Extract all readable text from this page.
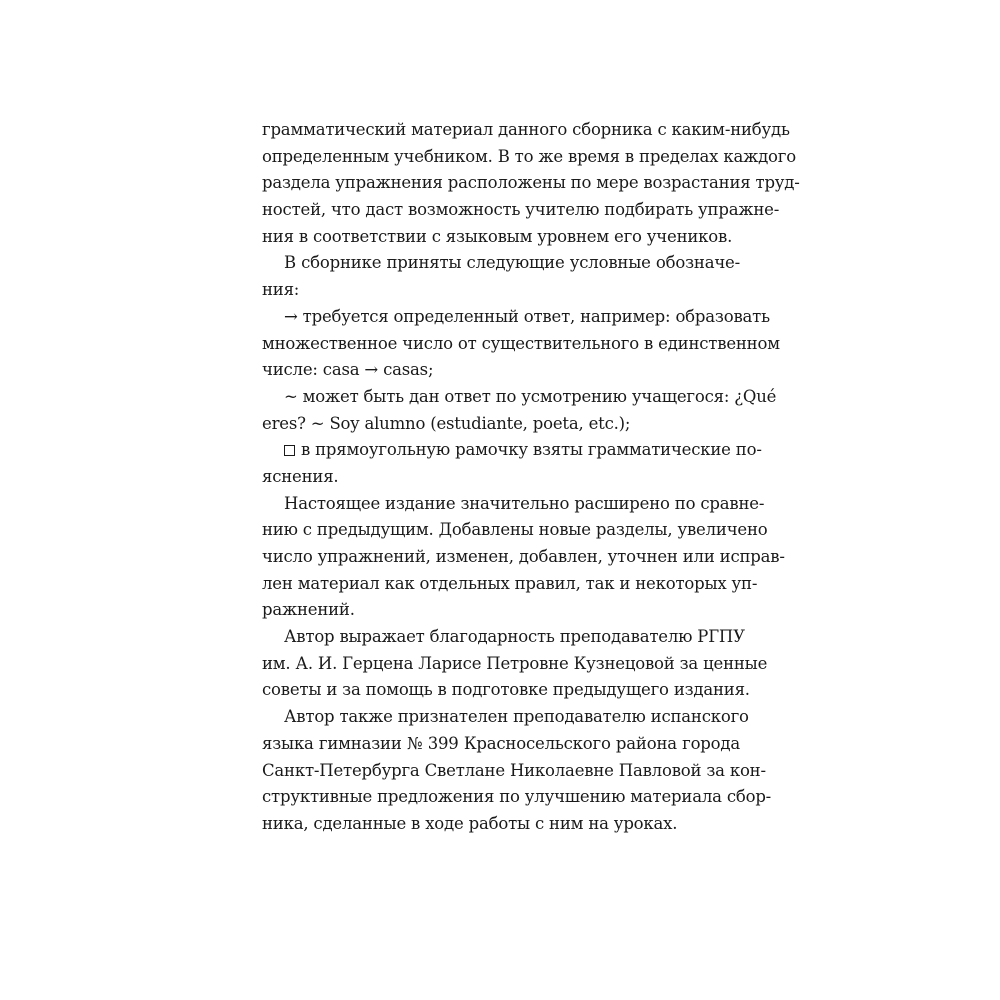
грамматический материал данного сборника с каким-нибудь
определенным учебником. В то же время в пределах каждого
раздела упражнения расположены по мере возрастания труд-
ностей, что даст возможность учителю подбирать упражне-
ния в соответствии с языковым уровнем его учеников.
В сборнике приняты следующие условные обозначе-
ния:
→ требуется определенный ответ, например: образовать
множественное число от существительного в единственном
числе: casa → casas;
~ может быть дан ответ по усмотрению учащегося: ¿Qué
eres? ~ Soy alumno (estudiante, poeta, etc.);
в прямоугольную рамочку взяты грамматические по-
яснения.
Настоящее издание значительно расширено по сравне-
нию с предыдущим. Добавлены новые разделы, увеличено
число упражнений, изменен, добавлен, уточнен или исправ-
лен материал как отдельных правил, так и некоторых уп-
ражнений.
Автор выражает благодарность преподавателю РГПУ
им. А. И. Герцена Ларисе Петровне Кузнецовой за ценные
советы и за помощь в подготовке предыдущего издания.
Автор также признателен преподавателю испанского
языка гимназии № 399 Красносельского района города
Санкт-Петербурга Светлане Николаевне Павловой за кон-
структивные предложения по улучшению материала сбор-
ника, сделанные в ходе работы с ним на уроках.
